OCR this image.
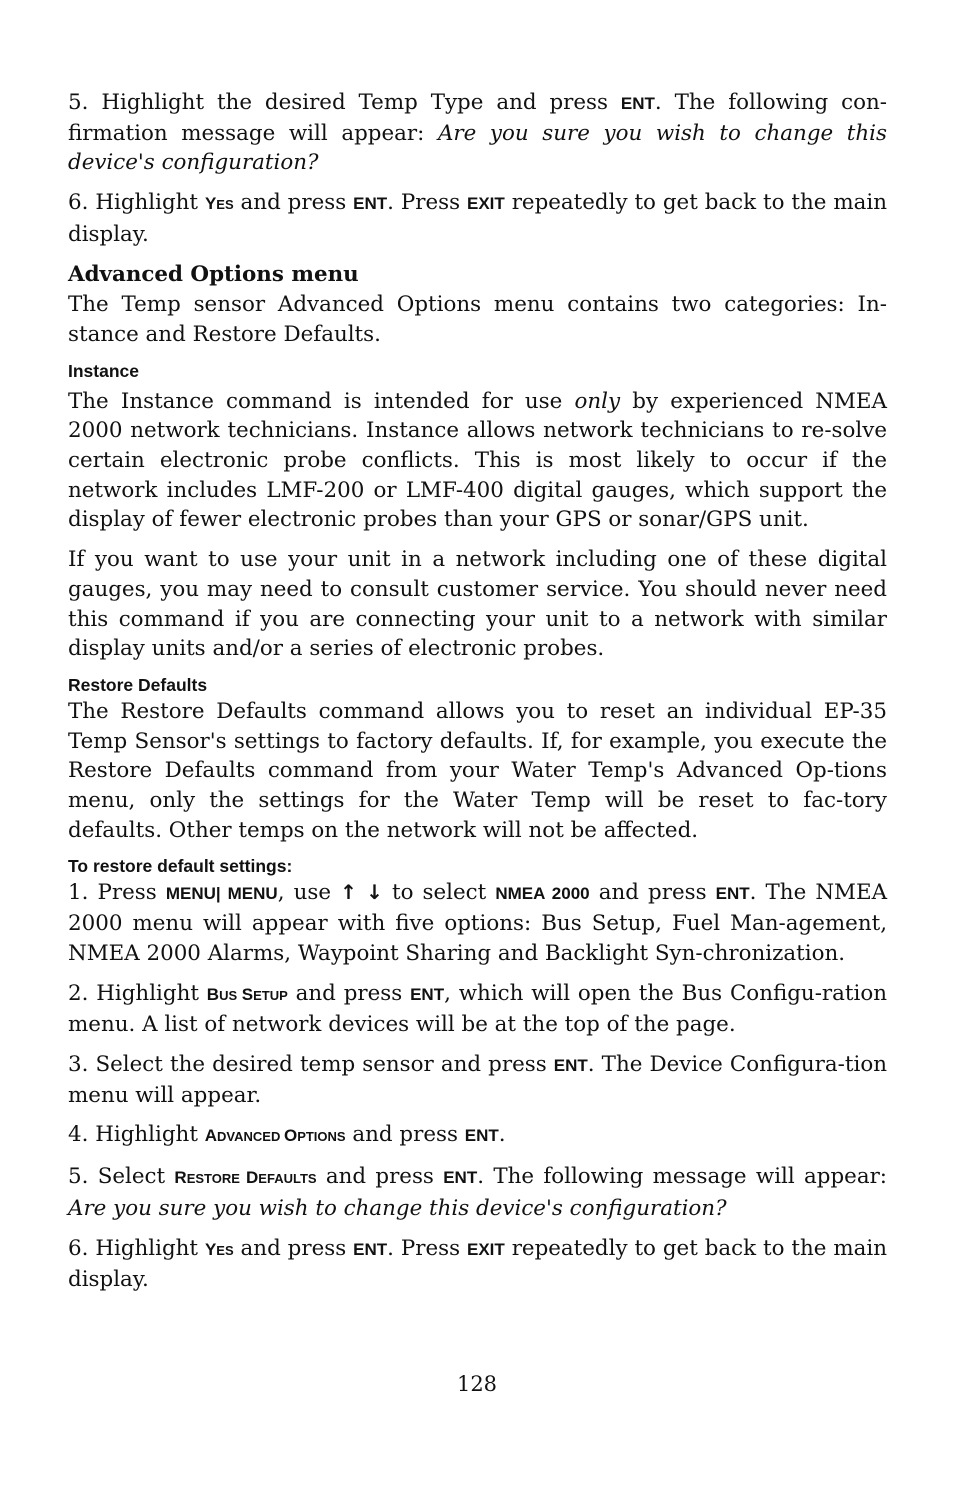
5. Highlight the desired Temp Type and press ENT. The following con-firmation message will appear: Are you sure you wish to change this device's configuration?

6. Highlight YES and press ENT. Press EXIT repeatedly to get back to the main display.

Advanced Options menu

The Temp sensor Advanced Options menu contains two categories: In-stance and Restore Defaults.

Instance

The Instance command is intended for use only by experienced NMEA 2000 network technicians. Instance allows network technicians to re-solve certain electronic probe conflicts. This is most likely to occur if the network includes LMF-200 or LMF-400 digital gauges, which support the display of fewer electronic probes than your GPS or sonar/GPS unit.

If you want to use your unit in a network including one of these digital gauges, you may need to consult customer service. You should never need this command if you are connecting your unit to a network with similar display units and/or a series of electronic probes.

Restore Defaults

The Restore Defaults command allows you to reset an individual EP-35 Temp Sensor's settings to factory defaults. If, for example, you execute the Restore Defaults command from your Water Temp's Advanced Op-tions menu, only the settings for the Water Temp will be reset to fac-tory defaults. Other temps on the network will not be affected.

To restore default settings:

1. Press MENU| MENU, use ↑ ↓ to select NMEA 2000 and press ENT. The NMEA 2000 menu will appear with five options: Bus Setup, Fuel Man-agement, NMEA 2000 Alarms, Waypoint Sharing and Backlight Syn-chronization.

2. Highlight BUS SETUP and press ENT, which will open the Bus Configu-ration menu. A list of network devices will be at the top of the page.

3. Select the desired temp sensor and press ENT. The Device Configura-tion menu will appear.

4. Highlight ADVANCED OPTIONS and press ENT.

5. Select RESTORE DEFAULTS and press ENT. The following message will appear: Are you sure you wish to change this device's configuration?

6. Highlight YES and press ENT. Press EXIT repeatedly to get back to the main display.

128
